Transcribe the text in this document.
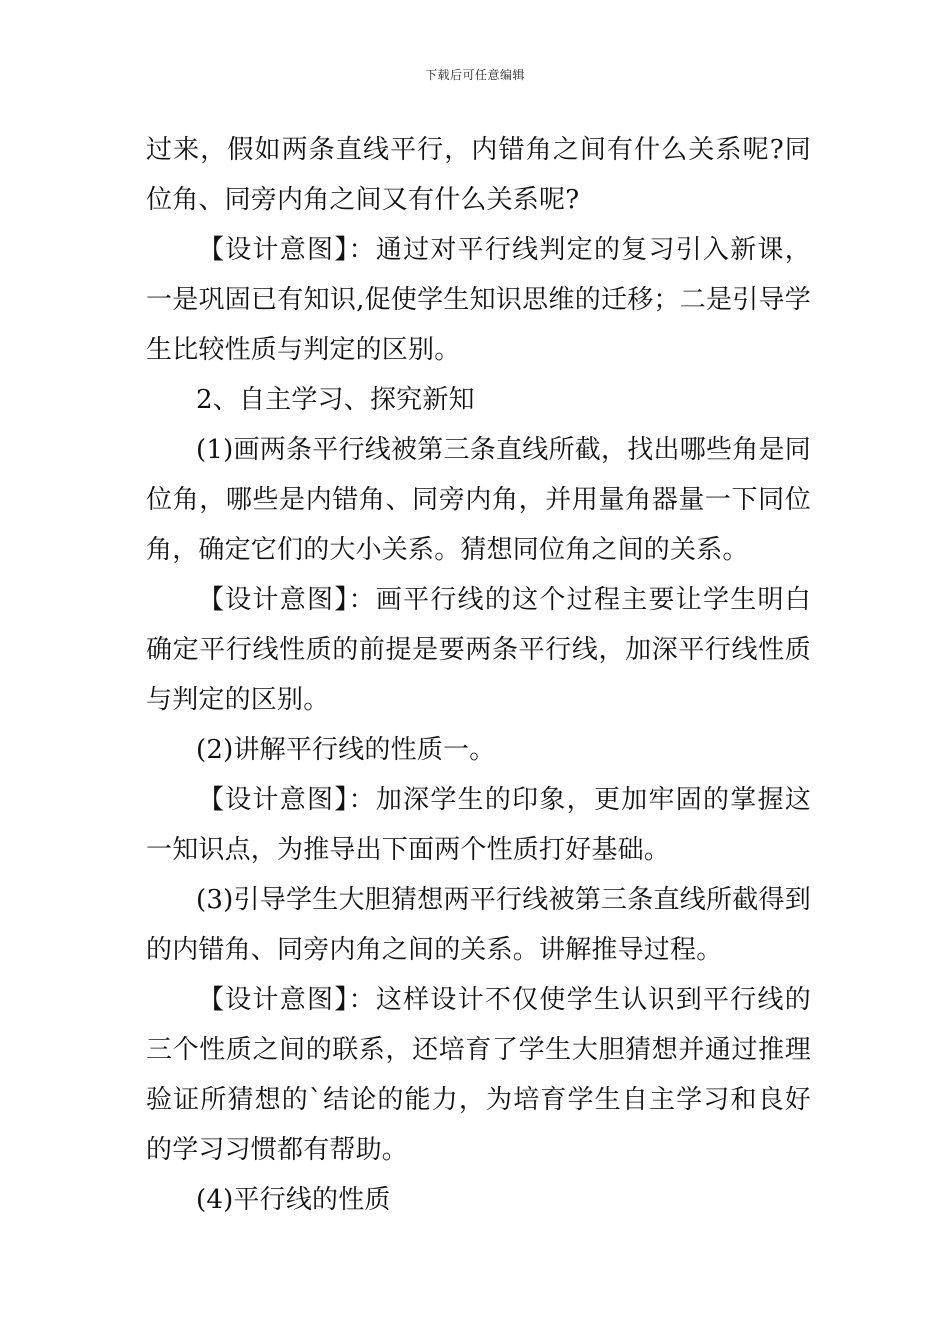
下载后可任意编辑

过来，假如两条直线平行，内错角之间有什么关系呢?同位角、同旁内角之间又有什么关系呢?

【设计意图】：通过对平行线判定的复习引入新课，一是巩固已有知识,促使学生知识思维的迁移；二是引导学生比较性质与判定的区别。

2、自主学习、探究新知

(1)画两条平行线被第三条直线所截，找出哪些角是同位角，哪些是内错角、同旁内角，并用量角器量一下同位角，确定它们的大小关系。猜想同位角之间的关系。

【设计意图】：画平行线的这个过程主要让学生明白确定平行线性质的前提是要两条平行线，加深平行线性质与判定的区别。

(2)讲解平行线的性质一。

【设计意图】：加深学生的印象，更加牢固的掌握这一知识点，为推导出下面两个性质打好基础。

(3)引导学生大胆猜想两平行线被第三条直线所截得到的内错角、同旁内角之间的关系。讲解推导过程。

【设计意图】：这样设计不仅使学生认识到平行线的三个性质之间的联系，还培育了学生大胆猜想并通过推理验证所猜想的`结论的能力，为培育学生自主学习和良好的学习习惯都有帮助。

(4)平行线的性质
